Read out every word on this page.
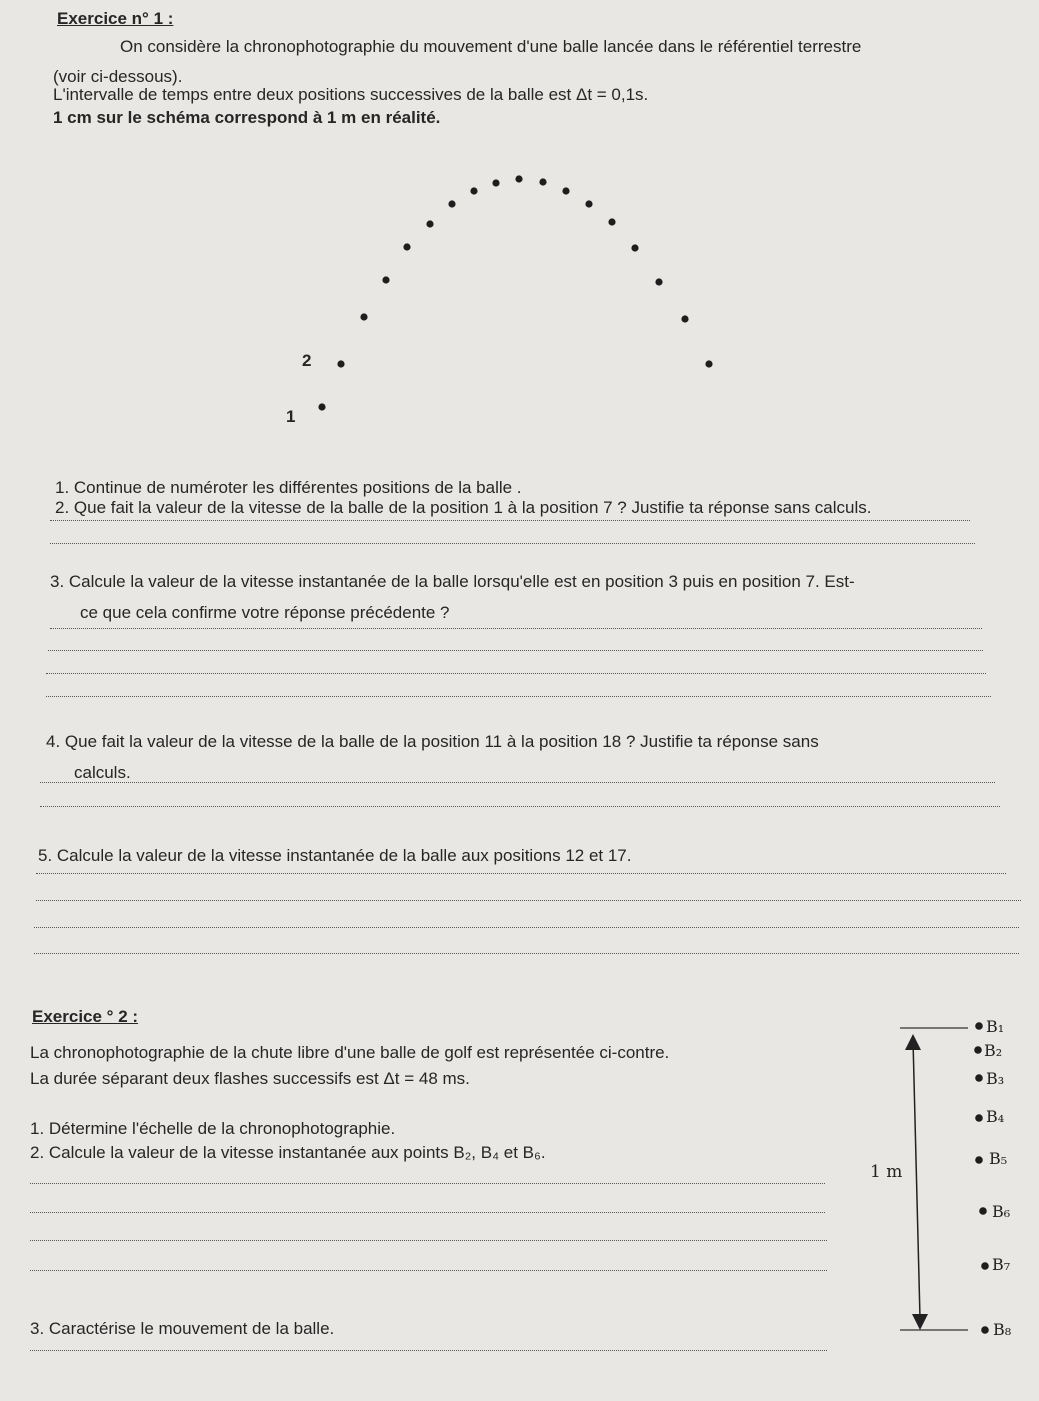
Exercice n° 1 :
On considère la chronophotographie du mouvement d'une balle lancée dans le référentiel terrestre
(voir ci-dessous).
L'intervalle de temps entre deux positions successives de la balle est Δt = 0,1s.
1 cm sur le schéma correspond à 1 m en réalité.
2
1
1. Continue de numéroter les différentes positions de la balle .
2. Que fait la valeur de la vitesse de la balle de la position 1 à la position 7 ? Justifie ta réponse sans calculs.
3. Calcule la valeur de la vitesse instantanée de la balle lorsqu'elle est en position 3 puis en position 7. Est-
ce que cela confirme votre réponse précédente ?
4. Que fait la valeur de la vitesse de la balle de la position 11 à la position 18 ? Justifie ta réponse sans
calculs.
5. Calcule la valeur de la vitesse instantanée de la balle aux positions 12 et 17.
Exercice ° 2 :
La chronophotographie de la chute libre d'une balle de golf est représentée ci-contre.
La durée séparant deux flashes successifs est Δt = 48 ms.
1. Détermine l'échelle de la chronophotographie.
2. Calcule la valeur de la vitesse instantanée aux points B₂, B₄ et B₆.
3. Caractérise le mouvement de la balle.
1 m
B₁
B₂
B₃
B₄
B₅
B₆
B₇
B₈
